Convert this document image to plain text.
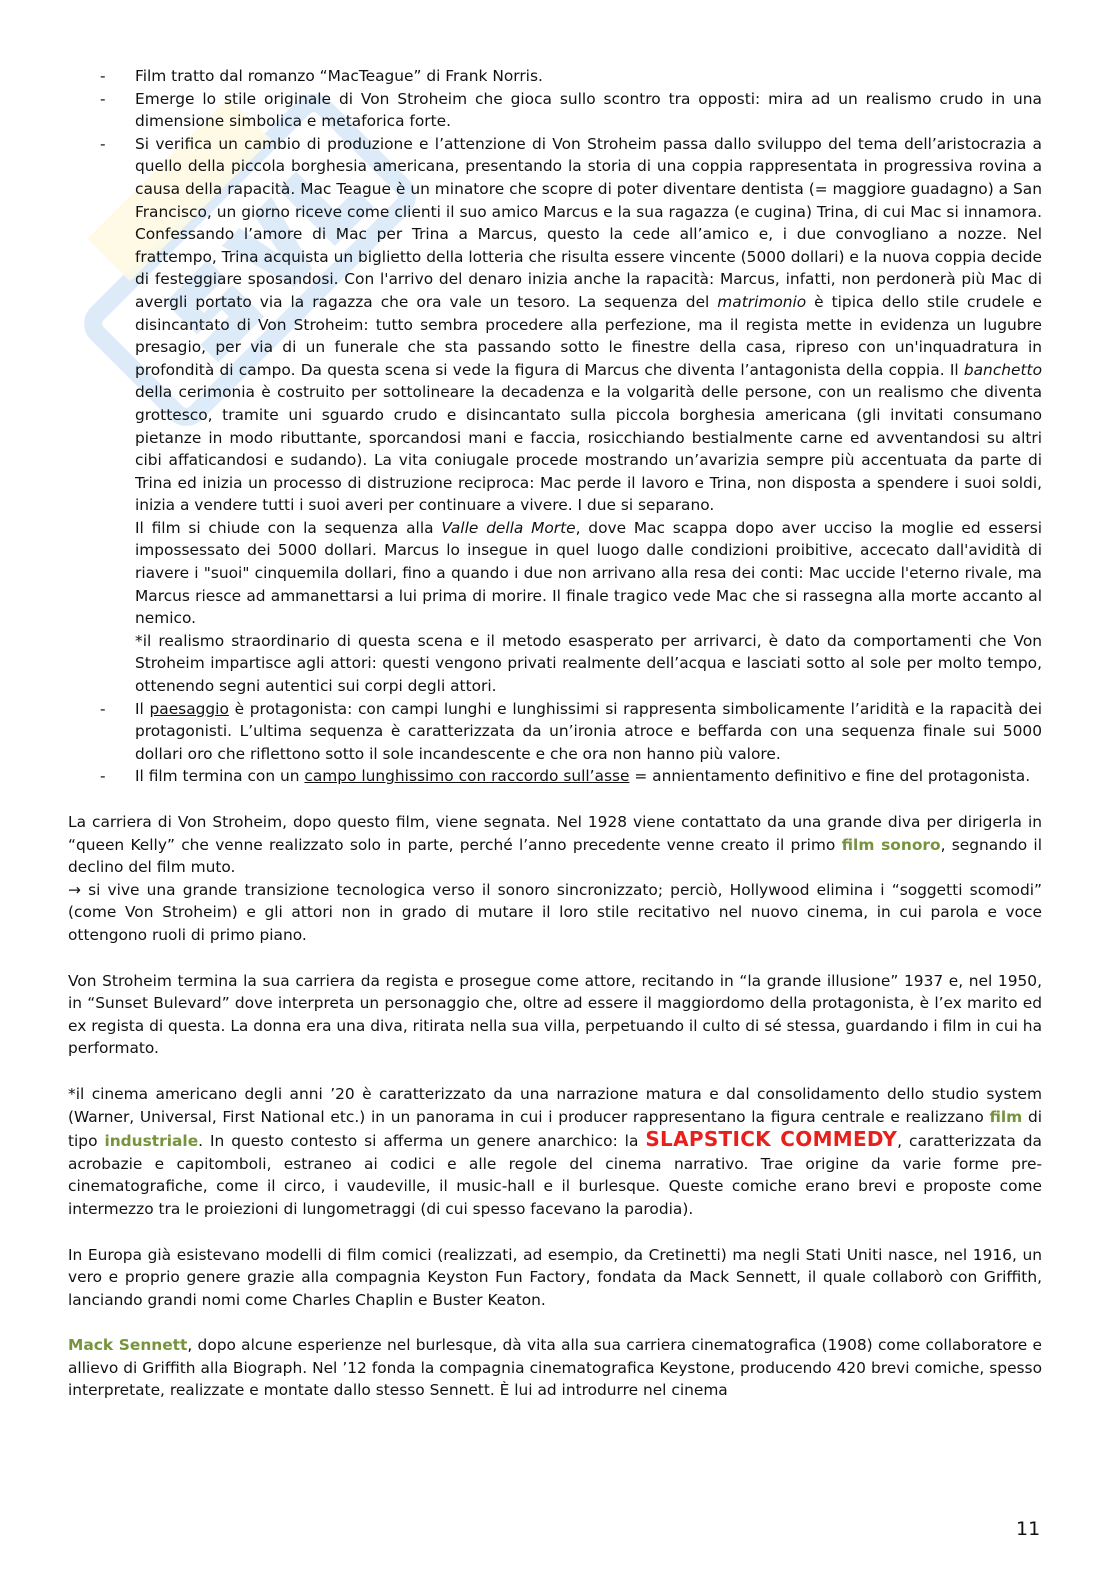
- Film tratto dal romanzo “MacTeague” di Frank Norris.
- Emerge lo stile originale di Von Stroheim che gioca sullo scontro tra opposti: mira ad un realismo crudo in una dimensione simbolica e metaforica forte.
- Si verifica un cambio di produzione e l’attenzione di Von Stroheim passa dallo sviluppo del tema dell’aristocrazia a quello della piccola borghesia americana, presentando la storia di una coppia rappresentata in progressiva rovina a causa della rapacità. Mac Teague è un minatore che scopre di poter diventare dentista (= maggiore guadagno) a San Francisco, un giorno riceve come clienti il suo amico Marcus e la sua ragazza (e cugina) Trina, di cui Mac si innamora. Confessando l’amore di Mac per Trina a Marcus, questo la cede all’amico e, i due convogliano a nozze. Nel frattempo, Trina acquista un biglietto della lotteria che risulta essere vincente (5000 dollari) e la nuova coppia decide di festeggiare sposandosi. Con l'arrivo del denaro inizia anche la rapacità: Marcus, infatti, non perdonerà più Mac di avergli portato via la ragazza che ora vale un tesoro. La sequenza del matrimonio è tipica dello stile crudele e disincantato di Von Stroheim: tutto sembra procedere alla perfezione, ma il regista mette in evidenza un lugubre presagio, per via di un funerale che sta passando sotto le finestre della casa, ripreso con un'inquadratura in profondità di campo. Da questa scena si vede la figura di Marcus che diventa l’antagonista della coppia. Il banchetto della cerimonia è costruito per sottolineare la decadenza e la volgarità delle persone, con un realismo che diventa grottesco, tramite uni sguardo crudo e disincantato sulla piccola borghesia americana (gli invitati consumano pietanze in modo ributtante, sporcandosi mani e faccia, rosicchiando bestialmente carne ed avventandosi su altri cibi affaticandosi e sudando). La vita coniugale procede mostrando un’avarizia sempre più accentuata da parte di Trina ed inizia un processo di distruzione reciproca: Mac perde il lavoro e Trina, non disposta a spendere i suoi soldi, inizia a vendere tutti i suoi averi per continuare a vivere. I due si separano.

Il film si chiude con la sequenza alla Valle della Morte, dove Mac scappa dopo aver ucciso la moglie ed essersi impossessato dei 5000 dollari. Marcus lo insegue in quel luogo dalle condizioni proibitive, accecato dall'avidità di riavere i "suoi" cinquemila dollari, fino a quando i due non arrivano alla resa dei conti: Mac uccide l'eterno rivale, ma Marcus riesce ad ammanettarsi a lui prima di morire. Il finale tragico vede Mac che si rassegna alla morte accanto al nemico.

*il realismo straordinario di questa scena e il metodo esasperato per arrivarci, è dato da comportamenti che Von Stroheim impartisce agli attori: questi vengono privati realmente dell’acqua e lasciati sotto al sole per molto tempo, ottenendo segni autentici sui corpi degli attori.

- Il paesaggio è protagonista: con campi lunghi e lunghissimi si rappresenta simbolicamente l’aridità e la rapacità dei protagonisti. L’ultima sequenza è caratterizzata da un’ironia atroce e beffarda con una sequenza finale sui 5000 dollari oro che riflettono sotto il sole incandescente e che ora non hanno più valore.

- Il film termina con un campo lunghissimo con raccordo sull’asse = annientamento definitivo e fine del protagonista.

La carriera di Von Stroheim, dopo questo film, viene segnata. Nel 1928 viene contattato da una grande diva per dirigerla in “queen Kelly” che venne realizzato solo in parte, perché l’anno precedente venne creato il primo film sonoro, segnando il declino del film muto.

→ si vive una grande transizione tecnologica verso il sonoro sincronizzato; perciò, Hollywood elimina i “soggetti scomodi” (come Von Stroheim) e gli attori non in grado di mutare il loro stile recitativo nel nuovo cinema, in cui parola e voce ottengono ruoli di primo piano.

Von Stroheim termina la sua carriera da regista e prosegue come attore, recitando in “la grande illusione” 1937 e, nel 1950, in “Sunset Bulevard” dove interpreta un personaggio che, oltre ad essere il maggiordomo della protagonista, è l’ex marito ed ex regista di questa. La donna era una diva, ritirata nella sua villa, perpetuando il culto di sé stessa, guardando i film in cui ha performato.

*il cinema americano degli anni ’20 è caratterizzato da una narrazione matura e dal consolidamento dello studio system (Warner, Universal, First National etc.) in un panorama in cui i producer rappresentano la figura centrale e realizzano film di tipo industriale. In questo contesto si afferma un genere anarchico: la SLAPSTICK COMMEDY, caratterizzata da acrobazie e capitomboli, estraneo ai codici e alle regole del cinema narrativo. Trae origine da varie forme pre-cinematografiche, come il circo, i vaudeville, il music-hall e il burlesque. Queste comiche erano brevi e proposte come intermezzo tra le proiezioni di lungometraggi (di cui spesso facevano la parodia).

In Europa già esistevano modelli di film comici (realizzati, ad esempio, da Cretinetti) ma negli Stati Uniti nasce, nel 1916, un vero e proprio genere grazie alla compagnia Keyston Fun Factory, fondata da Mack Sennett, il quale collaborò con Griffith, lanciando grandi nomi come Charles Chaplin e Buster Keaton.

Mack Sennett, dopo alcune esperienze nel burlesque, dà vita alla sua carriera cinematografica (1908) come collaboratore e allievo di Griffith alla Biograph. Nel ’12 fonda la compagnia cinematografica Keystone, producendo 420 brevi comiche, spesso interpretate, realizzate e montate dallo stesso Sennett. È lui ad introdurre nel cinema

11
